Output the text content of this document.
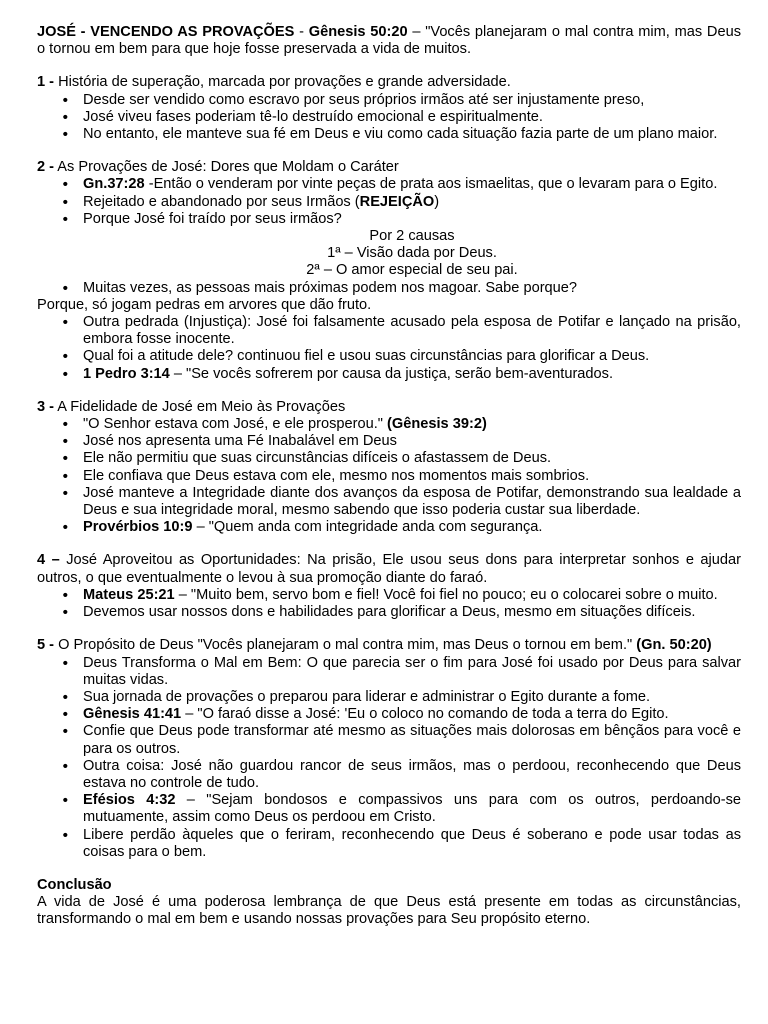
JOSÉ - VENCENDO AS PROVAÇÕES - Gênesis 50:20 – "Vocês planejaram o mal contra mim, mas Deus o tornou em bem para que hoje fosse preservada a vida de muitos.

1 - História de superação, marcada por provações e grande adversidade.

• Desde ser vendido como escravo por seus próprios irmãos até ser injustamente preso,
• José viveu fases poderiam tê-lo destruído emocional e espiritualmente.
• No entanto, ele manteve sua fé em Deus e viu como cada situação fazia parte de um plano maior.

2 - As Provações de José: Dores que Moldam o Caráter

• Gn.37:28 -Então o venderam por vinte peças de prata aos ismaelitas, que o levaram para o Egito.
• Rejeitado e abandonado por seus Irmãos (REJEIÇÃO)
• Porque José foi traído por seus irmãos?
Por 2 causas
1ª – Visão dada por Deus.
2ª – O amor especial de seu pai.
• Muitas vezes, as pessoas mais próximas podem nos magoar. Sabe porque?

Porque, só jogam pedras em arvores que dão fruto.

• Outra pedrada (Injustiça): José foi falsamente acusado pela esposa de Potifar e lançado na prisão, embora fosse inocente.
• Qual foi a atitude dele? continuou fiel e usou suas circunstâncias para glorificar a Deus.
• 1 Pedro 3:14 – "Se vocês sofrerem por causa da justiça, serão bem-aventurados.

3 - A Fidelidade de José em Meio às Provações

• "O Senhor estava com José, e ele prosperou." (Gênesis 39:2)
• José nos apresenta uma Fé Inabalável em Deus
• Ele não permitiu que suas circunstâncias difíceis o afastassem de Deus.
• Ele confiava que Deus estava com ele, mesmo nos momentos mais sombrios.
• José manteve a Integridade diante dos avanços da esposa de Potifar, demonstrando sua lealdade a Deus e sua integridade moral, mesmo sabendo que isso poderia custar sua liberdade.
• Provérbios 10:9 – "Quem anda com integridade anda com segurança.

4 – José Aproveitou as Oportunidades: Na prisão, Ele usou seus dons para interpretar sonhos e ajudar outros, o que eventualmente o levou à sua promoção diante do faraó.

• Mateus 25:21 – "Muito bem, servo bom e fiel! Você foi fiel no pouco; eu o colocarei sobre o muito.
• Devemos usar nossos dons e habilidades para glorificar a Deus, mesmo em situações difíceis.

5 - O Propósito de Deus "Vocês planejaram o mal contra mim, mas Deus o tornou em bem." (Gn. 50:20)

• Deus Transforma o Mal em Bem: O que parecia ser o fim para José foi usado por Deus para salvar muitas vidas.
• Sua jornada de provações o preparou para liderar e administrar o Egito durante a fome.
• Gênesis 41:41 – "O faraó disse a José: 'Eu o coloco no comando de toda a terra do Egito.
• Confie que Deus pode transformar até mesmo as situações mais dolorosas em bênçãos para você e para os outros.
• Outra coisa: José não guardou rancor de seus irmãos, mas o perdoou, reconhecendo que Deus estava no controle de tudo.
• Efésios 4:32 – "Sejam bondosos e compassivos uns para com os outros, perdoando-se mutuamente, assim como Deus os perdoou em Cristo.
• Libere perdão àqueles que o feriram, reconhecendo que Deus é soberano e pode usar todas as coisas para o bem.

Conclusão

A vida de José é uma poderosa lembrança de que Deus está presente em todas as circunstâncias, transformando o mal em bem e usando nossas provações para Seu propósito eterno.
